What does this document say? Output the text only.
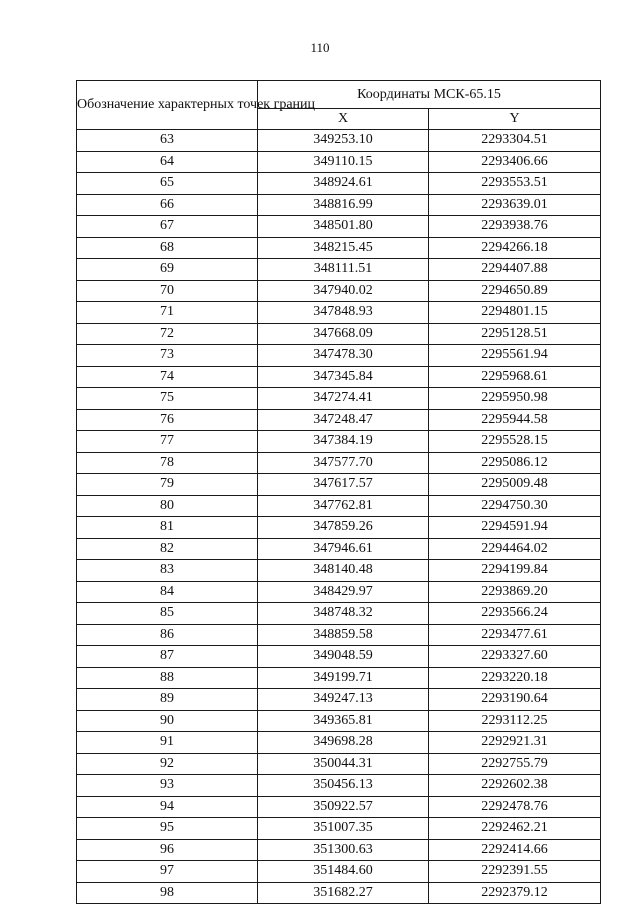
110
Обозначение характерных точек границ	Координаты МСК-65.15	
	X	Y
63	349253.10	2293304.51
64	349110.15	2293406.66
65	348924.61	2293553.51
66	348816.99	2293639.01
67	348501.80	2293938.76
68	348215.45	2294266.18
69	348111.51	2294407.88
70	347940.02	2294650.89
71	347848.93	2294801.15
72	347668.09	2295128.51
73	347478.30	2295561.94
74	347345.84	2295968.61
75	347274.41	2295950.98
76	347248.47	2295944.58
77	347384.19	2295528.15
78	347577.70	2295086.12
79	347617.57	2295009.48
80	347762.81	2294750.30
81	347859.26	2294591.94
82	347946.61	2294464.02
83	348140.48	2294199.84
84	348429.97	2293869.20
85	348748.32	2293566.24
86	348859.58	2293477.61
87	349048.59	2293327.60
88	349199.71	2293220.18
89	349247.13	2293190.64
90	349365.81	2293112.25
91	349698.28	2292921.31
92	350044.31	2292755.79
93	350456.13	2292602.38
94	350922.57	2292478.76
95	351007.35	2292462.21
96	351300.63	2292414.66
97	351484.60	2292391.55
98	351682.27	2292379.12
